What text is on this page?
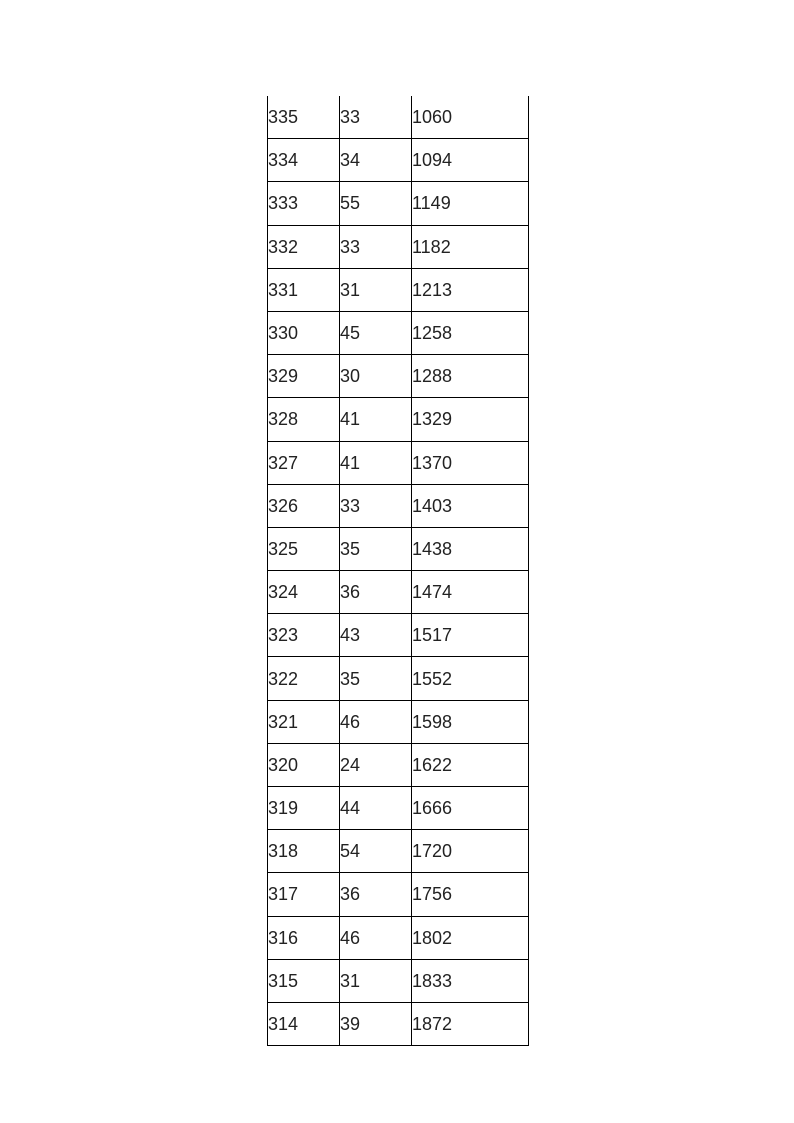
335	33	1060
334	34	1094
333	55	1149
332	33	1182
331	31	1213
330	45	1258
329	30	1288
328	41	1329
327	41	1370
326	33	1403
325	35	1438
324	36	1474
323	43	1517
322	35	1552
321	46	1598
320	24	1622
319	44	1666
318	54	1720
317	36	1756
316	46	1802
315	31	1833
314	39	1872
